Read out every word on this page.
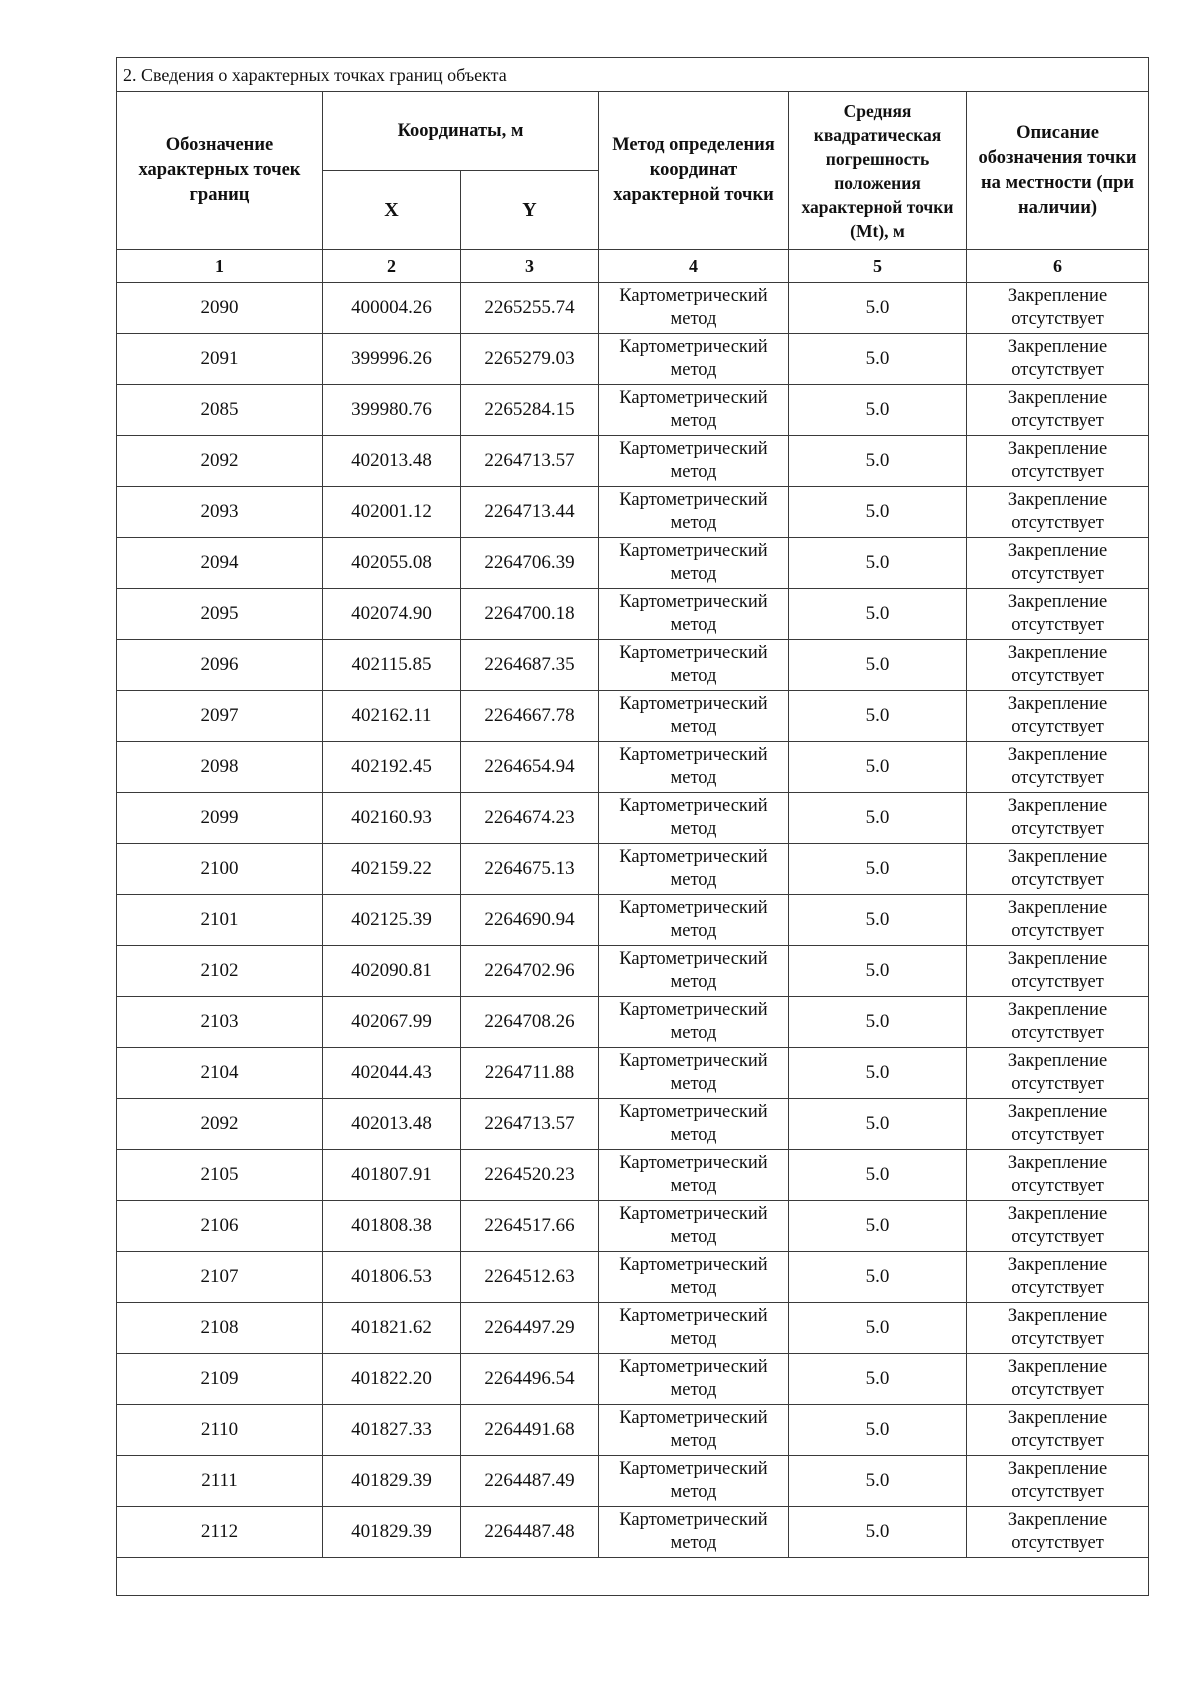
2. Сведения о характерных точках границ объекта					
Обозначение характерных точек границ	Координаты, м		Метод определения координат характерной точки	Средняя квадратическая погрешность положения характерной точки (Mt), м	Описание обозначения точки на местности (при наличии)
	X	Y			
1	2	3	4	5	6
2090	400004.26	2265255.74	Картометрический метод	5.0	Закрепление отсутствует
2091	399996.26	2265279.03	Картометрический метод	5.0	Закрепление отсутствует
2085	399980.76	2265284.15	Картометрический метод	5.0	Закрепление отсутствует
2092	402013.48	2264713.57	Картометрический метод	5.0	Закрепление отсутствует
2093	402001.12	2264713.44	Картометрический метод	5.0	Закрепление отсутствует
2094	402055.08	2264706.39	Картометрический метод	5.0	Закрепление отсутствует
2095	402074.90	2264700.18	Картометрический метод	5.0	Закрепление отсутствует
2096	402115.85	2264687.35	Картометрический метод	5.0	Закрепление отсутствует
2097	402162.11	2264667.78	Картометрический метод	5.0	Закрепление отсутствует
2098	402192.45	2264654.94	Картометрический метод	5.0	Закрепление отсутствует
2099	402160.93	2264674.23	Картометрический метод	5.0	Закрепление отсутствует
2100	402159.22	2264675.13	Картометрический метод	5.0	Закрепление отсутствует
2101	402125.39	2264690.94	Картометрический метод	5.0	Закрепление отсутствует
2102	402090.81	2264702.96	Картометрический метод	5.0	Закрепление отсутствует
2103	402067.99	2264708.26	Картометрический метод	5.0	Закрепление отсутствует
2104	402044.43	2264711.88	Картометрический метод	5.0	Закрепление отсутствует
2092	402013.48	2264713.57	Картометрический метод	5.0	Закрепление отсутствует
2105	401807.91	2264520.23	Картометрический метод	5.0	Закрепление отсутствует
2106	401808.38	2264517.66	Картометрический метод	5.0	Закрепление отсутствует
2107	401806.53	2264512.63	Картометрический метод	5.0	Закрепление отсутствует
2108	401821.62	2264497.29	Картометрический метод	5.0	Закрепление отсутствует
2109	401822.20	2264496.54	Картометрический метод	5.0	Закрепление отсутствует
2110	401827.33	2264491.68	Картометрический метод	5.0	Закрепление отсутствует
2111	401829.39	2264487.49	Картометрический метод	5.0	Закрепление отсутствует
2112	401829.39	2264487.48	Картометрический метод	5.0	Закрепление отсутствует
